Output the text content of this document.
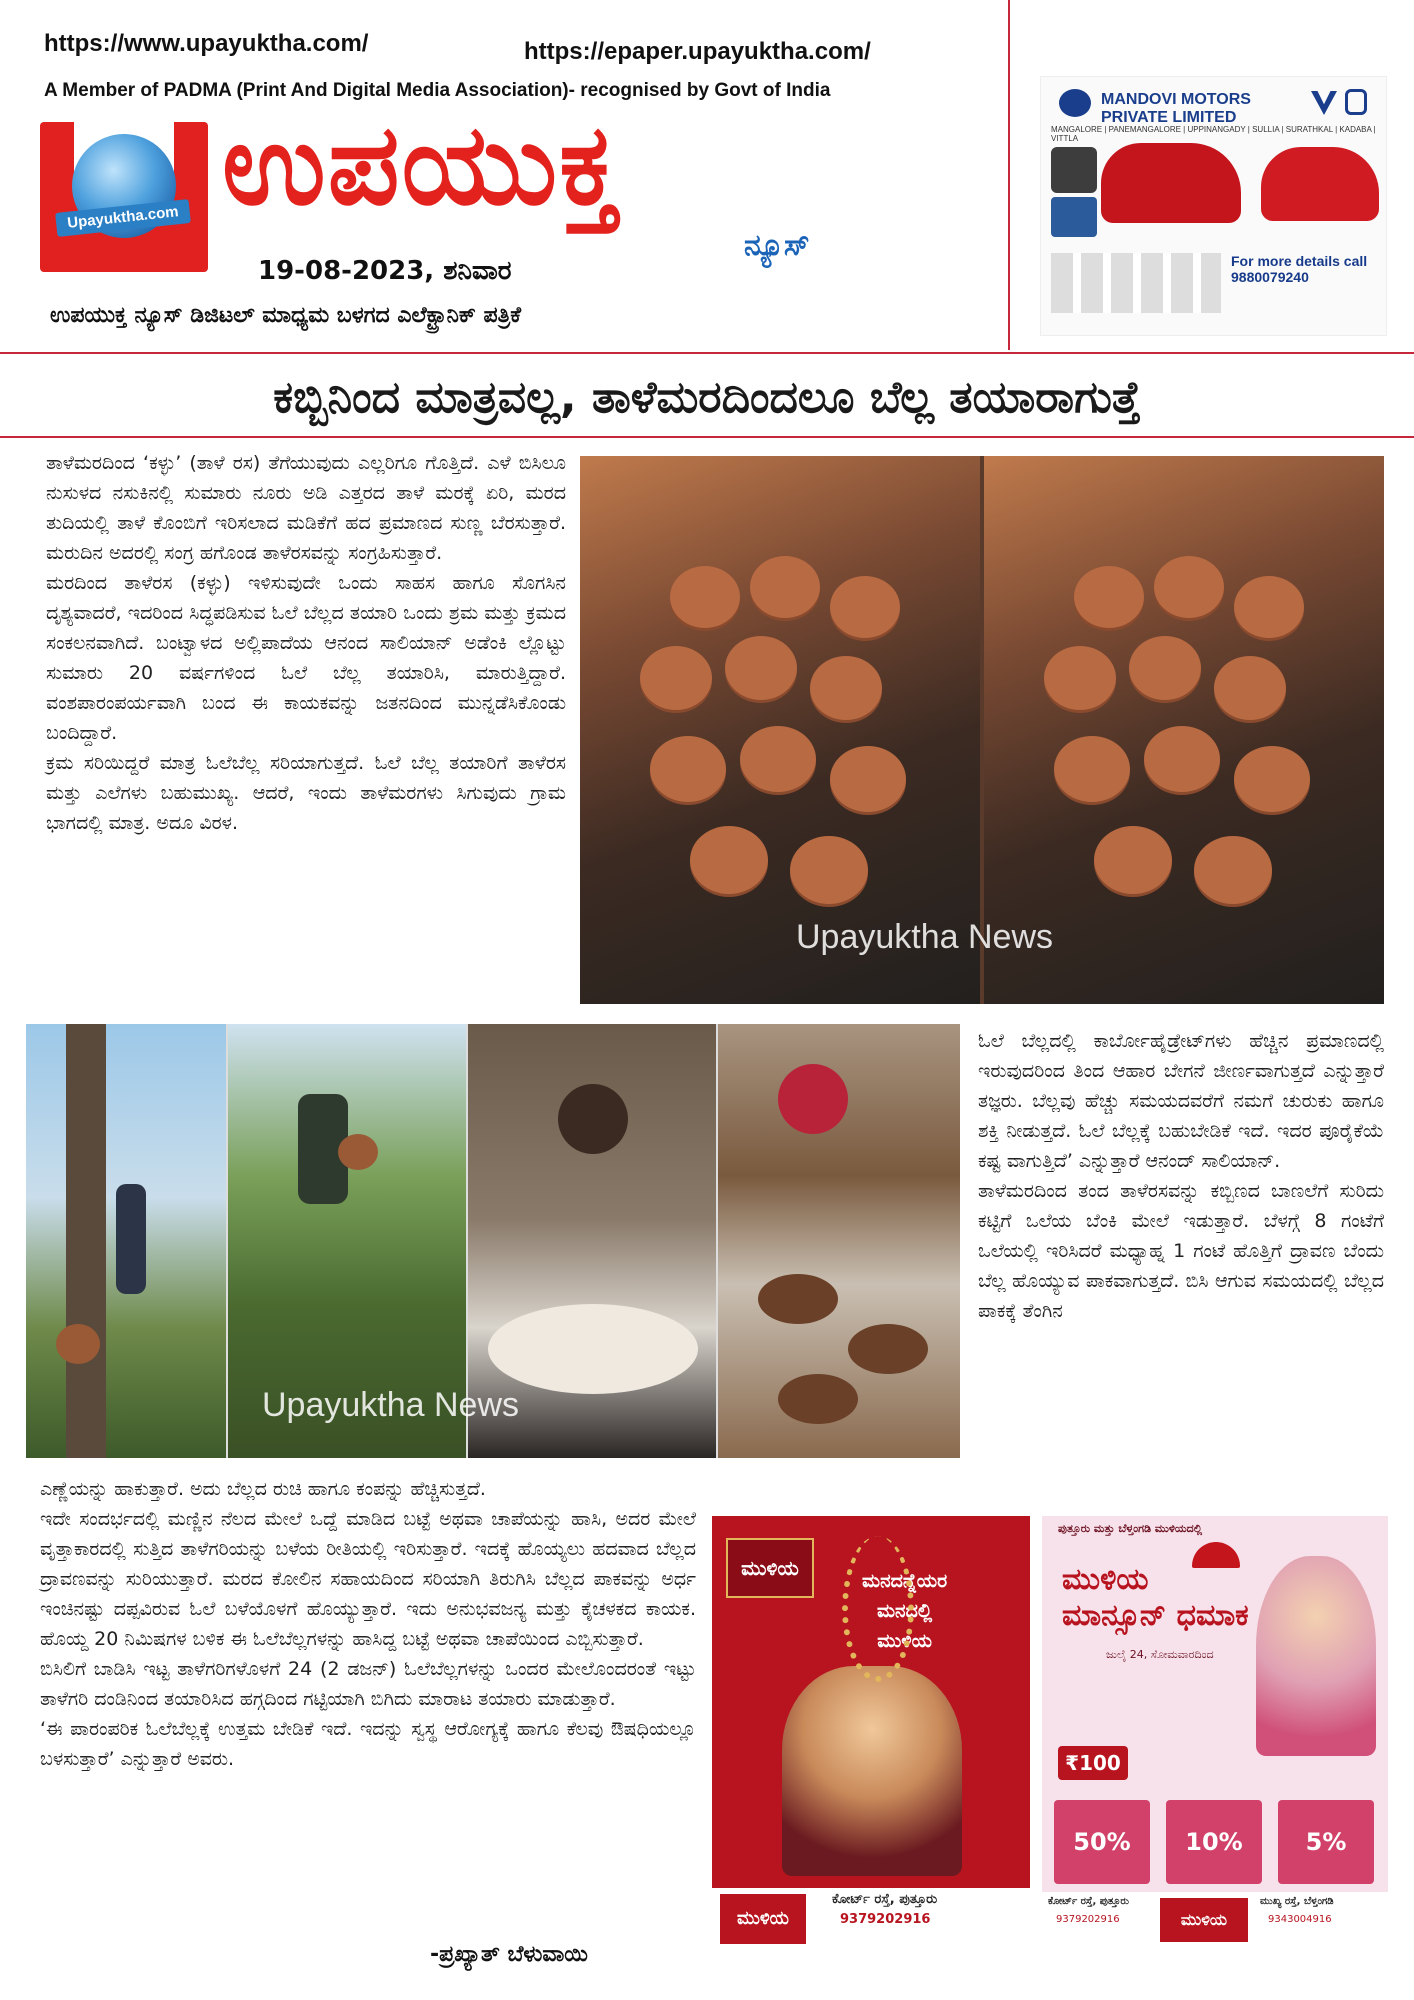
https://www.upayuktha.com/	https://epaper.upayuktha.com/
A Member of PADMA (Print And Digital Media Association)- recognised by Govt of India
Upayuktha.com ಉಪಯುಕ್ತ
ನ್ಯೂಸ್
19-08-2023, ಶನಿವಾರ
ಉಪಯುಕ್ತ ನ್ಯೂಸ್ ಡಿಜಿಟಲ್ ಮಾಧ್ಯಮ ಬಳಗದ ಎಲೆಕ್ಟ್ರಾನಿಕ್ ಪತ್ರಿಕೆ
MANDOVI MOTORS
PRIVATE LIMITED
MANGALORE | PANEMANGALORE | UPPINANGADY | SULLIA | SURATHKAL | KADABA | VITTLA
For more details call
9880079240
ಕಬ್ಬಿನಿಂದ ಮಾತ್ರವಲ್ಲ, ತಾಳೆಮರದಿಂದಲೂ ಬೆಲ್ಲ ತಯಾರಾಗುತ್ತೆ

ತಾಳೆಮರದಿಂದ ‘ಕಳ್ಳು’ (ತಾಳೆ ರಸ) ತೆಗೆಯುವುದು ಎಲ್ಲರಿಗೂ ಗೊತ್ತಿದೆ. ಎಳೆ ಬಿಸಿಲೂ ನುಸುಳದ ನಸುಕಿನಲ್ಲಿ ಸುಮಾರು ನೂರು ಅಡಿ ಎತ್ತರದ ತಾಳೆ ಮರಕ್ಕೆ ಏರಿ, ಮರದ ತುದಿಯಲ್ಲಿ ತಾಳೆ ಕೊಂಬಿಗೆ ಇರಿಸಲಾದ ಮಡಿಕೆಗೆ ಹದ ಪ್ರಮಾಣದ ಸುಣ್ಣ ಬೆರಸುತ್ತಾರೆ. ಮರುದಿನ ಅದರಲ್ಲಿ ಸಂಗ್ರ ಹಗೊಂಡ ತಾಳೆರಸವನ್ನು ಸಂಗ್ರಹಿಸುತ್ತಾರೆ.

ಮರದಿಂದ ತಾಳೆರಸ (ಕಳ್ಳು) ಇಳಿಸುವುದೇ ಒಂದು ಸಾಹಸ ಹಾಗೂ ಸೊಗಸಿನ ದೃಶ್ಯವಾದರೆ, ಇದರಿಂದ ಸಿದ್ಧಪಡಿಸುವ ಓಲೆ ಬೆಲ್ಲದ ತಯಾರಿ ಒಂದು ಶ್ರಮ ಮತ್ತು ಕ್ರಮದ ಸಂಕಲನವಾಗಿದೆ. ಬಂಟ್ವಾಳದ ಅಲ್ಲಿಪಾದೆಯ ಆನಂದ ಸಾಲಿಯಾನ್ ಅಡೆಂಕಿ ಲ್ಲೊಟ್ಟು ಸುಮಾರು 20 ವರ್ಷಗಳಿಂದ ಓಲೆ ಬೆಲ್ಲ ತಯಾರಿಸಿ, ಮಾರುತ್ತಿದ್ದಾರೆ. ವಂಶಪಾರಂಪರ್ಯವಾಗಿ ಬಂದ ಈ ಕಾಯಕವನ್ನು ಜತನದಿಂದ ಮುನ್ನಡೆಸಿಕೊಂಡು ಬಂದಿದ್ದಾರೆ.

ಕ್ರಮ ಸರಿಯಿದ್ದರೆ ಮಾತ್ರ ಓಲೆಬೆಲ್ಲ ಸರಿಯಾಗುತ್ತದೆ. ಓಲೆ ಬೆಲ್ಲ ತಯಾರಿಗೆ ತಾಳೆರಸ ಮತ್ತು ಎಲೆಗಳು ಬಹುಮುಖ್ಯ. ಆದರೆ, ಇಂದು ತಾಳೆಮರಗಳು ಸಿಗುವುದು ಗ್ರಾಮ ಭಾಗದಲ್ಲಿ ಮಾತ್ರ. ಅದೂ ವಿರಳ.

Upayuktha News
Upayuktha News

ಓಲೆ ಬೆಲ್ಲದಲ್ಲಿ ಕಾರ್ಬೋಹೈಡ್ರೇಟ್‌ಗಳು ಹೆಚ್ಚಿನ ಪ್ರಮಾಣದಲ್ಲಿ ಇರುವುದರಿಂದ ತಿಂದ ಆಹಾರ ಬೇಗನೆ ಜೀರ್ಣವಾಗುತ್ತದೆ ಎನ್ನುತ್ತಾರೆ ತಜ್ಞರು. ಬೆಲ್ಲವು ಹೆಚ್ಚು ಸಮಯದವರೆಗೆ ನಮಗೆ ಚುರುಕು ಹಾಗೂ ಶಕ್ತಿ ನೀಡುತ್ತದೆ. ಓಲೆ ಬೆಲ್ಲಕ್ಕೆ ಬಹುಬೇಡಿಕೆ ಇದೆ. ಇದರ ಪೂರೈಕೆಯೆ ಕಷ್ಟ ವಾಗುತ್ತಿದೆ’ ಎನ್ನುತ್ತಾರೆ ಆನಂದ್ ಸಾಲಿಯಾನ್.

ತಾಳೆಮರದಿಂದ ತಂದ ತಾಳೆರಸವನ್ನು ಕಬ್ಬಿಣದ ಬಾಣಲೆಗೆ ಸುರಿದು ಕಟ್ಟಿಗೆ ಒಲೆಯ ಬೆಂಕಿ ಮೇಲೆ ಇಡುತ್ತಾರೆ. ಬೆಳಗ್ಗೆ 8 ಗಂಟೆಗೆ ಒಲೆಯಲ್ಲಿ ಇರಿಸಿದರೆ ಮಧ್ಯಾಹ್ನ 1 ಗಂಟೆ ಹೊತ್ತಿಗೆ ದ್ರಾವಣ ಬೆಂದು ಬೆಲ್ಲ ಹೊಯ್ಯುವ ಪಾಕವಾಗುತ್ತದೆ. ಬಿಸಿ ಆಗುವ ಸಮಯದಲ್ಲಿ ಬೆಲ್ಲದ ಪಾಕಕ್ಕೆ ತೆಂಗಿನ

ಎಣ್ಣೆಯನ್ನು ಹಾಕುತ್ತಾರೆ. ಅದು ಬೆಲ್ಲದ ರುಚಿ ಹಾಗೂ ಕಂಪನ್ನು ಹೆಚ್ಚಿಸುತ್ತದೆ.

ಇದೇ ಸಂದರ್ಭದಲ್ಲಿ ಮಣ್ಣಿನ ನೆಲದ ಮೇಲೆ ಒದ್ದೆ ಮಾಡಿದ ಬಟ್ಟೆ ಅಥವಾ ಚಾಪೆಯನ್ನು ಹಾಸಿ, ಅದರ ಮೇಲೆ ವೃತ್ತಾಕಾರದಲ್ಲಿ ಸುತ್ತಿದ ತಾಳೆಗರಿಯನ್ನು ಬಳೆಯ ರೀತಿಯಲ್ಲಿ ಇರಿಸುತ್ತಾರೆ. ಇದಕ್ಕೆ ಹೊಯ್ಯಲು ಹದವಾದ ಬೆಲ್ಲದ ದ್ರಾವಣವನ್ನು ಸುರಿಯುತ್ತಾರೆ. ಮರದ ಕೋಲಿನ ಸಹಾಯದಿಂದ ಸರಿಯಾಗಿ ತಿರುಗಿಸಿ ಬೆಲ್ಲದ ಪಾಕವನ್ನು ಅರ್ಧ ಇಂಚಿನಷ್ಟು ದಪ್ಪವಿರುವ ಓಲೆ ಬಳೆಯೊಳಗೆ ಹೊಯ್ಯುತ್ತಾರೆ. ಇದು ಅನುಭವಜನ್ಯ ಮತ್ತು ಕೈಚಳಕದ ಕಾಯಕ. ಹೊಯ್ದ 20 ನಿಮಿಷಗಳ ಬಳಿಕ ಈ ಓಲೆಬೆಲ್ಲಗಳನ್ನು ಹಾಸಿದ್ದ ಬಟ್ಟೆ ಅಥವಾ ಚಾಪೆಯಿಂದ ಎಬ್ಬಿಸುತ್ತಾರೆ.

ಬಿಸಿಲಿಗೆ ಬಾಡಿಸಿ ಇಟ್ಟ ತಾಳೆಗರಿಗಳೊಳಗೆ 24 (2 ಡಜನ್) ಓಲೆಬೆಲ್ಲಗಳನ್ನು ಒಂದರ ಮೇಲೊಂದರಂತೆ ಇಟ್ಟು ತಾಳೆಗರಿ ದಂಡಿನಿಂದ ತಯಾರಿಸಿದ ಹಗ್ಗದಿಂದ ಗಟ್ಟಿಯಾಗಿ ಬಿಗಿದು ಮಾರಾಟ ತಯಾರು ಮಾಡುತ್ತಾರೆ.

‘ಈ ಪಾರಂಪರಿಕ ಓಲೆಬೆಲ್ಲಕ್ಕೆ ಉತ್ತಮ ಬೇಡಿಕೆ ಇದೆ. ಇದನ್ನು ಸ್ವಸ್ಥ ಆರೋಗ್ಯಕ್ಕೆ ಹಾಗೂ ಕೆಲವು ಔಷಧಿಯಲ್ಲೂ ಬಳಸುತ್ತಾರೆ’ ಎನ್ನುತ್ತಾರೆ ಅವರು.

-ಪ್ರಖ್ಯಾತ್ ಬೆಳುವಾಯಿ
ಮುಳಿಯ
ಮನದನ್ನೆಯರ
ಮನದಲ್ಲಿ
ಮುಳಿಯ
ಮುಳಿಯ
ಕೋರ್ಟ್ ರಸ್ತೆ, ಪುತ್ತೂರು
9379202916
ಪುತ್ತೂರು ಮತ್ತು ಬೆಳ್ತಂಗಡಿ ಮುಳಿಯದಲ್ಲಿ
ಮುಳಿಯ ಮಾನ್ಸೂನ್ ಧಮಾಕ
ಜುಲೈ 24, ಸೋಮವಾರದಿಂದ
₹100
50%	10%	5%
ಕೋರ್ಟ್ ರಸ್ತೆ, ಪುತ್ತೂರು
9379202916	ಮುಳಿಯ
ಮುಖ್ಯ ರಸ್ತೆ, ಬೆಳ್ತಂಗಡಿ
9343004916
